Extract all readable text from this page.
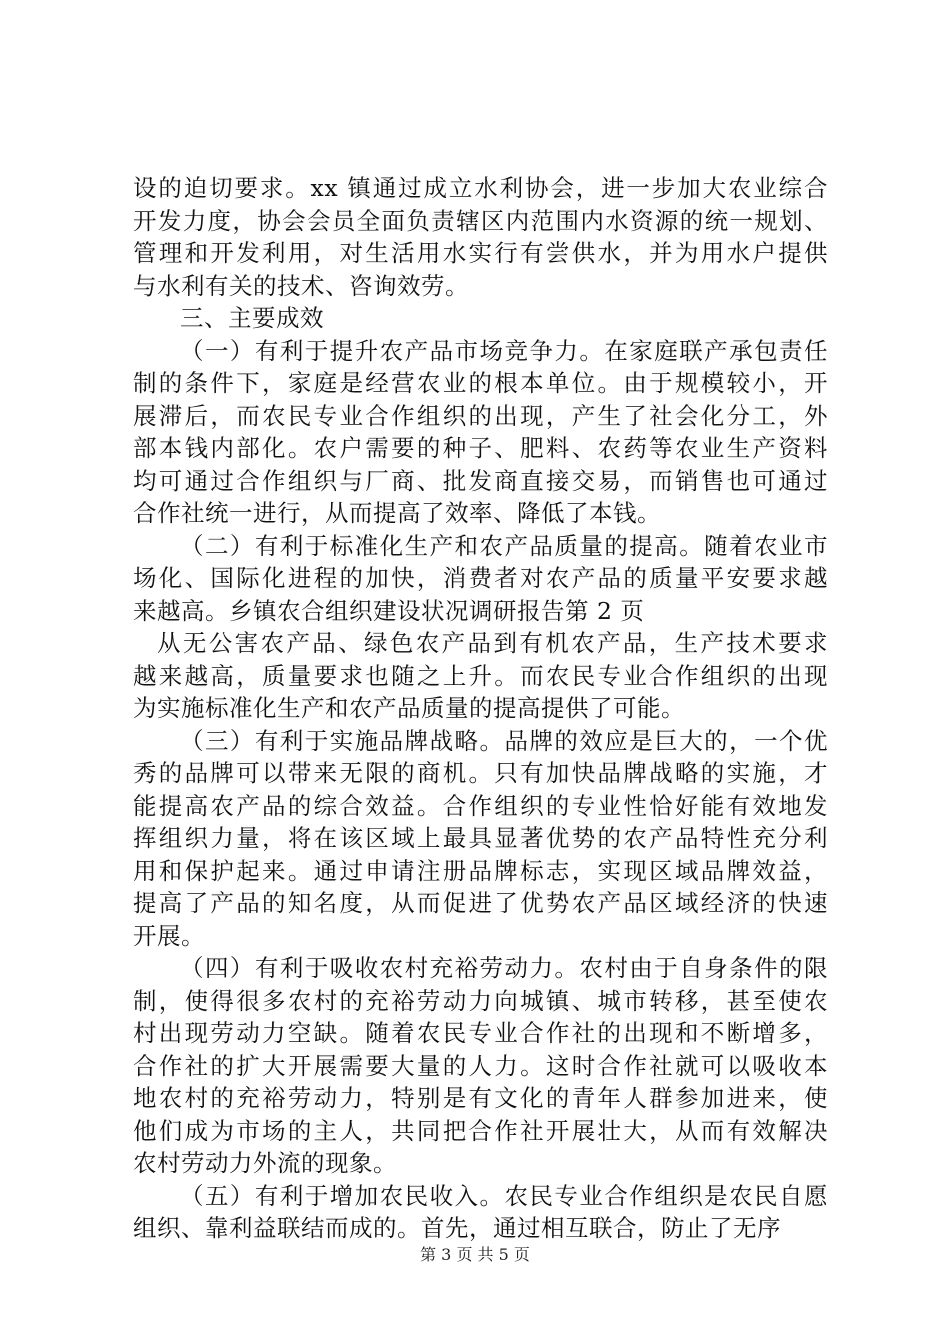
设的迫切要求。xx 镇通过成立水利协会，进一步加大农业综合
开发力度，协会会员全面负责辖区内范围内水资源的统一规划、
管理和开发利用，对生活用水实行有尝供水，并为用水户提供
与水利有关的技术、咨询效劳。
三、主要成效
（一）有利于提升农产品市场竞争力。在家庭联产承包责任
制的条件下，家庭是经营农业的根本单位。由于规模较小，开
展滞后，而农民专业合作组织的出现，产生了社会化分工，外
部本钱内部化。农户需要的种子、肥料、农药等农业生产资料
均可通过合作组织与厂商、批发商直接交易，而销售也可通过
合作社统一进行，从而提高了效率、降低了本钱。
（二）有利于标准化生产和农产品质量的提高。随着农业市
场化、国际化进程的加快，消费者对农产品的质量平安要求越
来越高。乡镇农合组织建设状况调研报告第 2 页
从无公害农产品、绿色农产品到有机农产品，生产技术要求
越来越高，质量要求也随之上升。而农民专业合作组织的出现
为实施标准化生产和农产品质量的提高提供了可能。
（三）有利于实施品牌战略。品牌的效应是巨大的，一个优
秀的品牌可以带来无限的商机。只有加快品牌战略的实施，才
能提高农产品的综合效益。合作组织的专业性恰好能有效地发
挥组织力量，将在该区域上最具显著优势的农产品特性充分利
用和保护起来。通过申请注册品牌标志，实现区域品牌效益，
提高了产品的知名度，从而促进了优势农产品区域经济的快速
开展。
（四）有利于吸收农村充裕劳动力。农村由于自身条件的限
制，使得很多农村的充裕劳动力向城镇、城市转移，甚至使农
村出现劳动力空缺。随着农民专业合作社的出现和不断增多，
合作社的扩大开展需要大量的人力。这时合作社就可以吸收本
地农村的充裕劳动力，特别是有文化的青年人群参加进来，使
他们成为市场的主人，共同把合作社开展壮大，从而有效解决
农村劳动力外流的现象。
（五）有利于增加农民收入。农民专业合作组织是农民自愿
组织、靠利益联结而成的。首先，通过相互联合，防止了无序
第 3 页 共 5 页
